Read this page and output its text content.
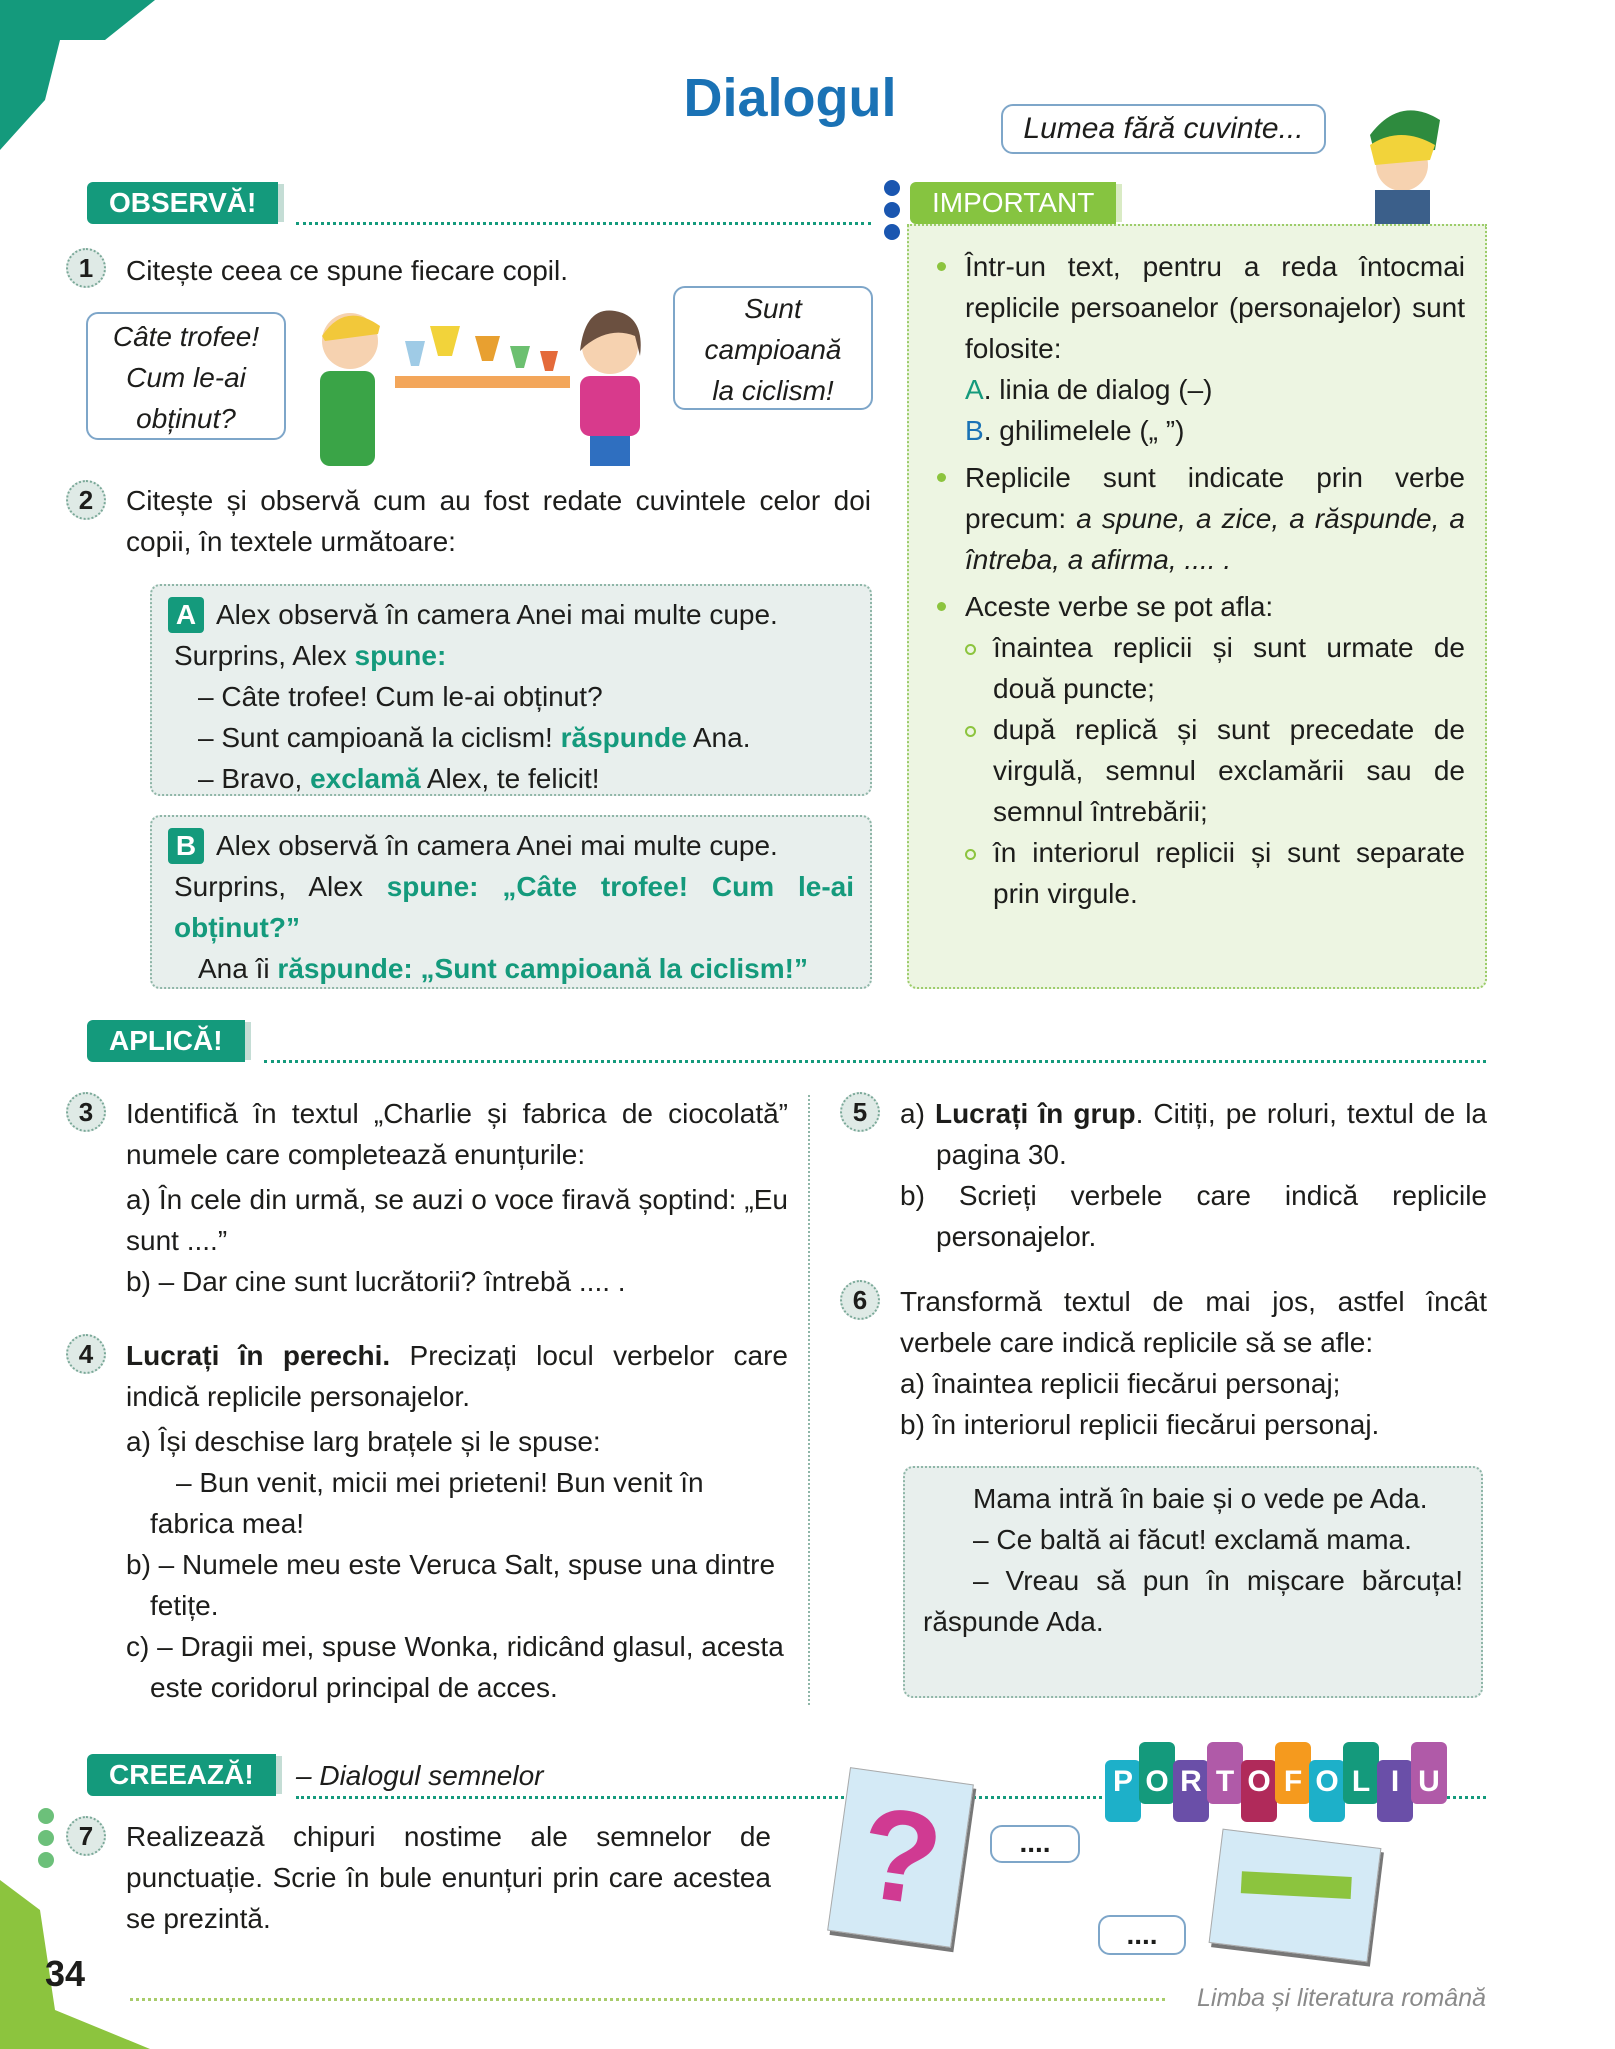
Dialogul
Lumea fără cuvinte...
OBSERVĂ!
1	Citește ceea ce spune fiecare copil.
Câte trofee!
Cum le-ai
obținut?
Sunt
campioană
la ciclism!
2	Citește și observă cum au fost redate cuvintele celor doi copii, în textele următoare:
A Alex observă în camera Anei mai multe cupe.
Surprins, Alex spune:
– Câte trofee! Cum le-ai obținut?
– Sunt campioană la ciclism! răspunde Ana.
– Bravo, exclamă Alex, te felicit!
B Alex observă în camera Anei mai multe cupe.
Surprins, Alex spune: „Câte trofee! Cum le-ai obținut?”
Ana îi răspunde: „Sunt campioană la ciclism!”
IMPORTANT
Într-un text, pentru a reda întocmai replicile persoanelor (personajelor) sunt folosite:
A. linia de dialog (–)
B. ghilimelele („ ”)
Replicile sunt indicate prin verbe precum: a spune, a zice, a răspunde, a întreba, a afirma, .... .
Aceste verbe se pot afla:
înaintea replicii și sunt urmate de două puncte;
după replică și sunt precedate de virgulă, semnul exclamării sau de semnul întrebării;
în interiorul replicii și sunt separate prin virgule.
APLICĂ!
3	Identifică în textul „Charlie și fabrica de ciocolată” numele care completează enunțurile:
a) În cele din urmă, se auzi o voce firavă șoptind: „Eu sunt ....”
b) – Dar cine sunt lucrătorii? întrebă .... .
4	Lucrați în perechi. Precizați locul verbelor care indică replicile personajelor.
a) Își deschise larg brațele și le spuse:
– Bun venit, micii mei prieteni! Bun venit în fabrica mea!
b) – Numele meu este Veruca Salt, spuse una dintre fetițe.
c) – Dragii mei, spuse Wonka, ridicând glasul, acesta este coridorul principal de acces.
5	a) Lucrați în grup. Citiți, pe roluri, textul de la pagina 30.
b) Scrieți verbele care indică replicile personajelor.
6	Transformă textul de mai jos, astfel încât verbele care indică replicile să se afle:
a) înaintea replicii fiecărui personaj;
b) în interiorul replicii fiecărui personaj.
Mama intră în baie și o vede pe Ada.
– Ce baltă ai făcut! exclamă mama.
– Vreau să pun în mișcare bărcuța! răspunde Ada.
CREEAZĂ!	– Dialogul semnelor
7	Realizează chipuri nostime ale semnelor de punctuație. Scrie în bule enunțuri prin care acestea se prezintă.	?	....
....
P O R T O F O L I U
34
Limba și literatura română
